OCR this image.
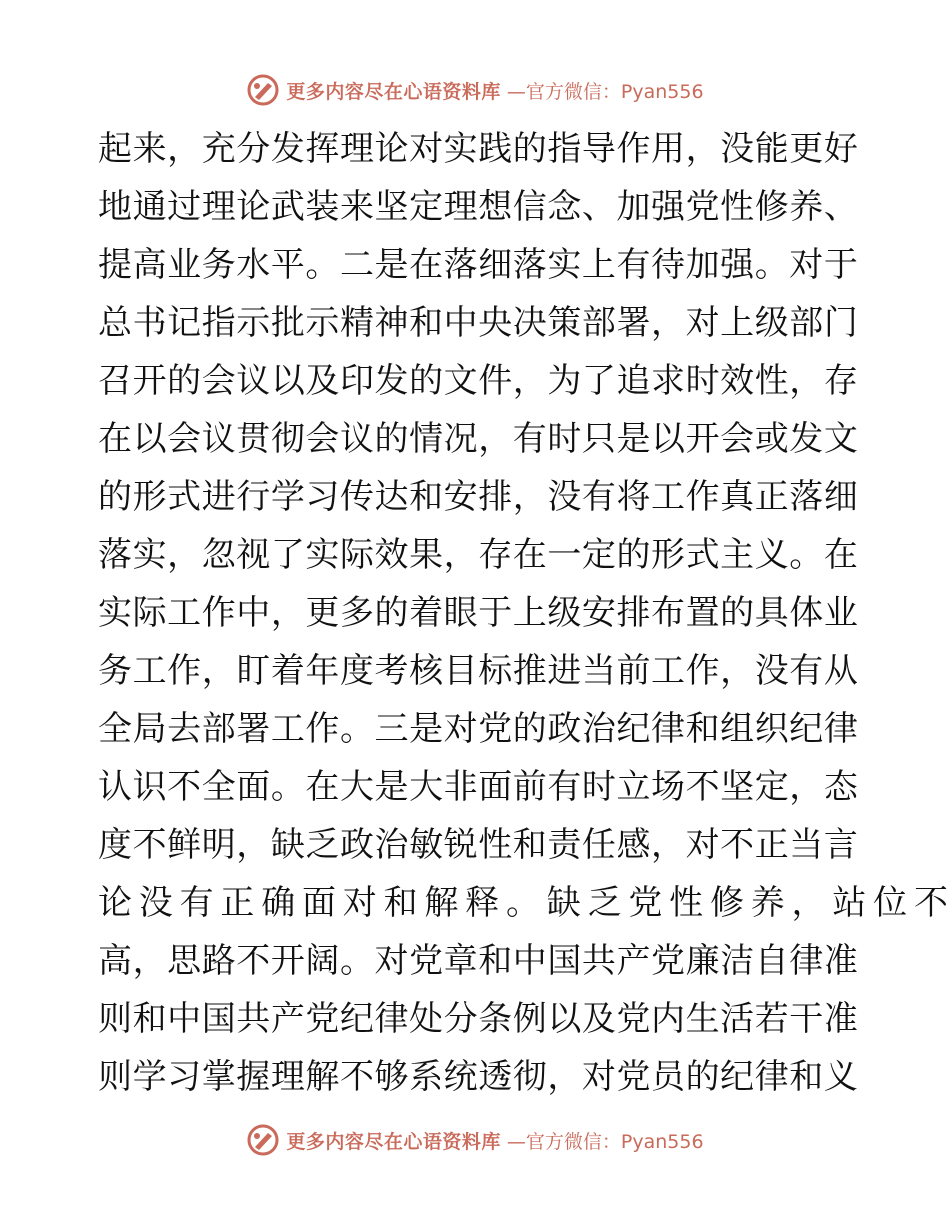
更多内容尽在心语资料库 —官方微信：Pyan556
起 来 ， 充 分 发 挥 理 论 对 实 践 的 指 导 作 用 ， 没 能 更 好
地 通 过 理 论 武 装 来 坚 定 理 想 信 念 、 加 强 党 性 修 养 、
提 高 业 务 水 平 。 二 是 在 落 细 落 实 上 有 待 加 强 。 对 于
总 书 记 指 示 批 示 精 神 和 中 央 决 策 部 署 ， 对 上 级 部 门
召 开 的 会 议 以 及 印 发 的 文 件 ， 为 了 追 求 时 效 性 ， 存
在 以 会 议 贯 彻 会 议 的 情 况 ， 有 时 只 是 以 开 会 或 发 文
的 形 式 进 行 学 习 传 达 和 安 排 ， 没 有 将 工 作 真 正 落 细
落 实 ， 忽 视 了 实 际 效 果 ， 存 在 一 定 的 形 式 主 义 。 在
实 际 工 作 中 ， 更 多 的 着 眼 于 上 级 安 排 布 置 的 具 体 业
务 工 作 ， 盯 着 年 度 考 核 目 标 推 进 当 前 工 作 ， 没 有 从
全 局 去 部 署 工 作 。 三 是 对 党 的 政 治 纪 律 和 组 织 纪 律
认 识 不 全 面 。 在 大 是 大 非 面 前 有 时 立 场 不 坚 定 ， 态
度 不 鲜 明 ， 缺 乏 政 治 敏 锐 性 和 责 任 感 ， 对 不 正 当 言
论 没 有 正 确 面 对 和 解 释 。 缺 乏 党 性 修 养 ， 站 位 不
高 ， 思 路 不 开 阔 。 对 党 章 和 中 国 共 产 党 廉 洁 自 律 准
则 和 中 国 共 产 党 纪 律 处 分 条 例 以 及 党 内 生 活 若 干 准
则 学 习 掌 握 理 解 不 够 系 统 透 彻 ， 对 党 员 的 纪 律 和 义
更多内容尽在心语资料库 —官方微信：Pyan556
